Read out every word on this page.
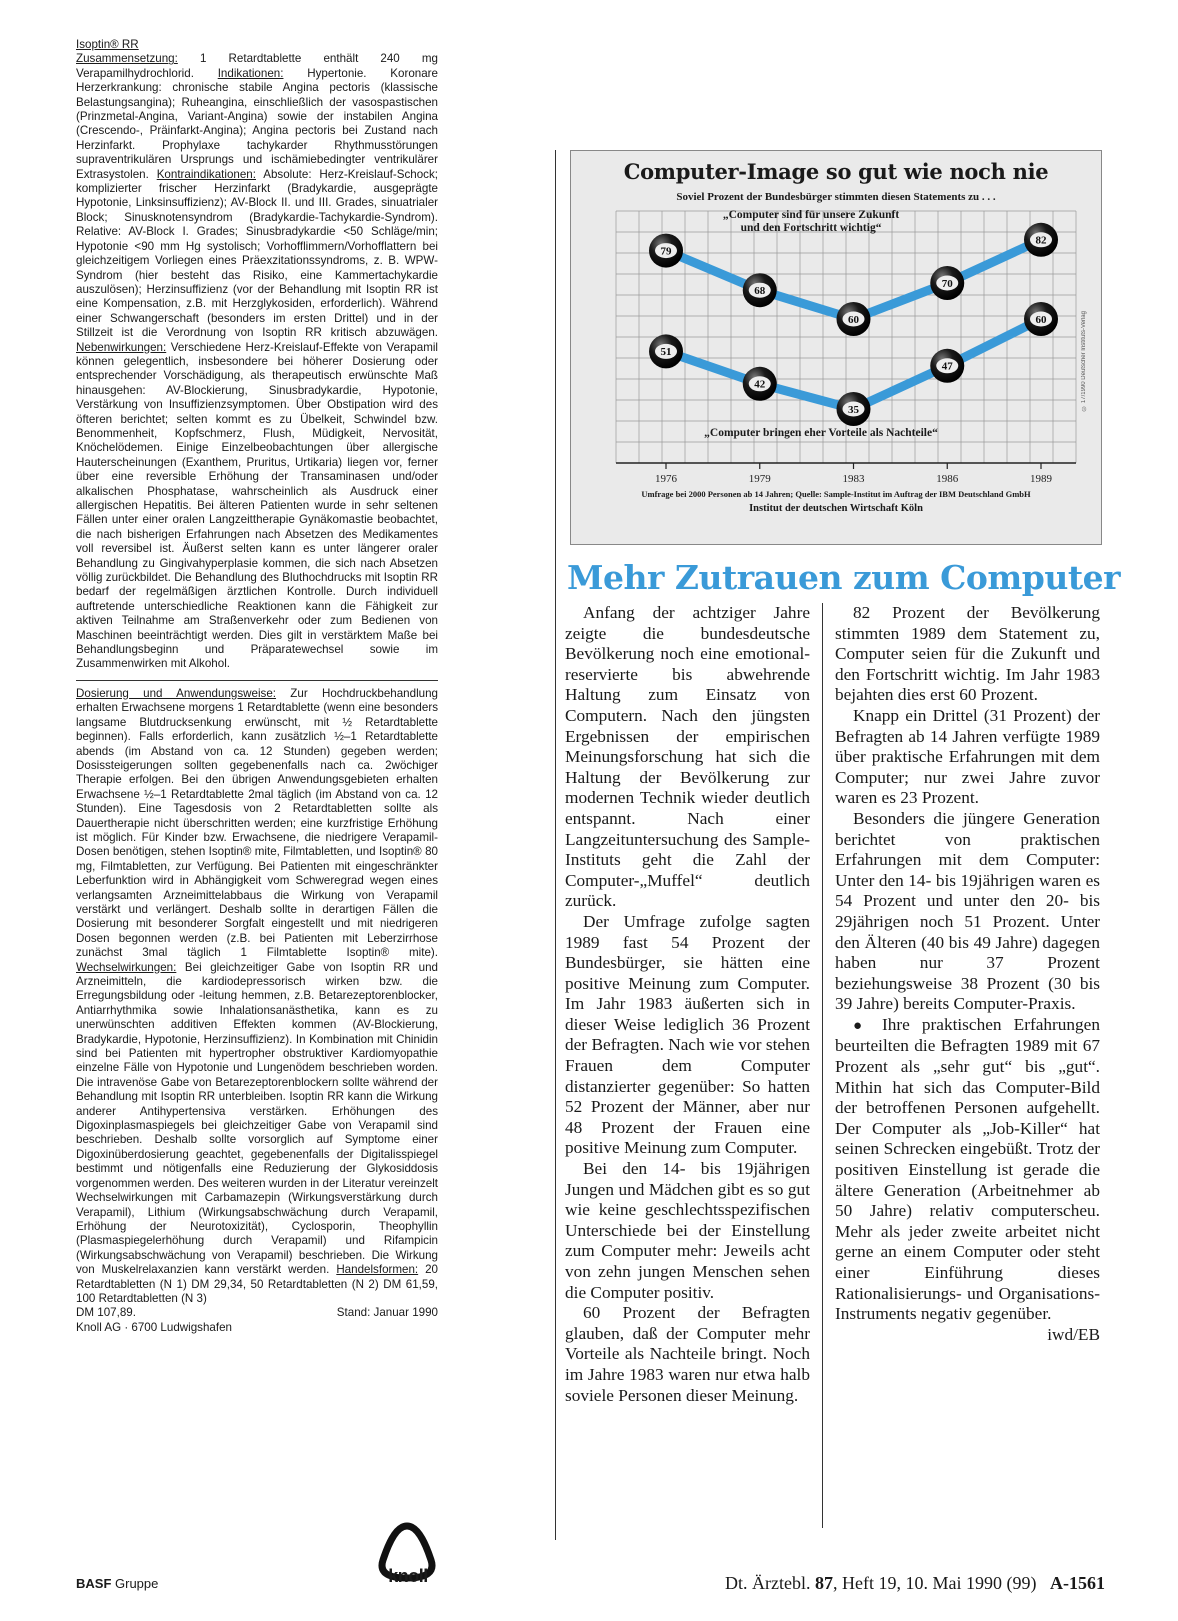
Isoptin® RR

Zusammensetzung: 1 Retardtablette enthält 240 mg Verapamilhydrochlorid. Indikationen: Hypertonie. Koronare Herzerkrankung: chronische stabile Angina pectoris (klassische Belastungsangina); Ruheangina, einschließlich der vasospastischen (Prinzmetal-Angina, Variant-Angina) sowie der instabilen Angina (Crescendo-, Präinfarkt-Angina); Angina pectoris bei Zustand nach Herzinfarkt. Prophylaxe tachykarder Rhythmusstörungen supraventrikulären Ursprungs und ischämiebedingter ventrikulärer Extrasystolen. Kontraindikationen: Absolute: Herz-Kreislauf-Schock; komplizierter frischer Herzinfarkt (Bradykardie, ausgeprägte Hypotonie, Linksinsuffizienz); AV-Block II. und III. Grades, sinuatrialer Block; Sinusknotensyndrom (Bradykardie-Tachykardie-Syndrom). Relative: AV-Block I. Grades; Sinusbradykardie <50 Schläge/min; Hypotonie <90 mm Hg systolisch; Vorhofflimmern/Vorhofflattern bei gleichzeitigem Vorliegen eines Präexzitationssyndroms, z. B. WPW-Syndrom (hier besteht das Risiko, eine Kammertachykardie auszulösen); Herzinsuffizienz (vor der Behandlung mit Isoptin RR ist eine Kompensation, z.B. mit Herzglykosiden, erforderlich). Während einer Schwangerschaft (besonders im ersten Drittel) und in der Stillzeit ist die Verordnung von Isoptin RR kritisch abzuwägen. Nebenwirkungen: Verschiedene Herz-Kreislauf-Effekte von Verapamil können gelegentlich, insbesondere bei höherer Dosierung oder entsprechender Vorschädigung, als therapeutisch erwünschte Maß hinausgehen: AV-Blockierung, Sinusbradykardie, Hypotonie, Verstärkung von Insuffizienzsymptomen. Über Obstipation wird des öfteren berichtet; selten kommt es zu Übelkeit, Schwindel bzw. Benommenheit, Kopfschmerz, Flush, Müdigkeit, Nervosität, Knöchelödemen. Einige Einzelbeobachtungen über allergische Hauterscheinungen (Exanthem, Pruritus, Urtikaria) liegen vor, ferner über eine reversible Erhöhung der Transaminasen und/oder alkalischen Phosphatase, wahrscheinlich als Ausdruck einer allergischen Hepatitis. Bei älteren Patienten wurde in sehr seltenen Fällen unter einer oralen Langzeittherapie Gynäkomastie beobachtet, die nach bisherigen Erfahrungen nach Absetzen des Medikamentes voll reversibel ist. Äußerst selten kann es unter längerer oraler Behandlung zu Gingivahyperplasie kommen, die sich nach Absetzen völlig zurückbildet. Die Behandlung des Bluthochdrucks mit Isoptin RR bedarf der regelmäßigen ärztlichen Kontrolle. Durch individuell auftretende unterschiedliche Reaktionen kann die Fähigkeit zur aktiven Teilnahme am Straßenverkehr oder zum Bedienen von Maschinen beeinträchtigt werden. Dies gilt in verstärktem Maße bei Behandlungsbeginn und Präparatewechsel sowie im Zusammenwirken mit Alkohol.

Dosierung und Anwendungsweise: Zur Hochdruckbehandlung erhalten Erwachsene morgens 1 Retardtablette (wenn eine besonders langsame Blutdrucksenkung erwünscht, mit ½ Retardtablette beginnen). Falls erforderlich, kann zusätzlich ½–1 Retardtablette abends (im Abstand von ca. 12 Stunden) gegeben werden; Dosissteigerungen sollten gegebenenfalls nach ca. 2wöchiger Therapie erfolgen. Bei den übrigen Anwendungsgebieten erhalten Erwachsene ½–1 Retardtablette 2mal täglich (im Abstand von ca. 12 Stunden). Eine Tagesdosis von 2 Retardtabletten sollte als Dauertherapie nicht überschritten werden; eine kurzfristige Erhöhung ist möglich. Für Kinder bzw. Erwachsene, die niedrigere Verapamil-Dosen benötigen, stehen Isoptin® mite, Filmtabletten, und Isoptin® 80 mg, Filmtabletten, zur Verfügung. Bei Patienten mit eingeschränkter Leberfunktion wird in Abhängigkeit vom Schweregrad wegen eines verlangsamten Arzneimittelabbaus die Wirkung von Verapamil verstärkt und verlängert. Deshalb sollte in derartigen Fällen die Dosierung mit besonderer Sorgfalt eingestellt und mit niedrigeren Dosen begonnen werden (z.B. bei Patienten mit Leberzirrhose zunächst 3mal täglich 1 Filmtablette Isoptin® mite). Wechselwirkungen: Bei gleichzeitiger Gabe von Isoptin RR und Arzneimitteln, die kardiodepressorisch wirken bzw. die Erregungsbildung oder -leitung hemmen, z.B. Betarezeptorenblocker, Antiarrhythmika sowie Inhalationsanästhetika, kann es zu unerwünschten additiven Effekten kommen (AV-Blockierung, Bradykardie, Hypotonie, Herzinsuffizienz). In Kombination mit Chinidin sind bei Patienten mit hypertropher obstruktiver Kardiomyopathie einzelne Fälle von Hypotonie und Lungenödem beschrieben worden. Die intravenöse Gabe von Betarezeptorenblockern sollte während der Behandlung mit Isoptin RR unterbleiben. Isoptin RR kann die Wirkung anderer Antihypertensiva verstärken. Erhöhungen des Digoxinplasmaspiegels bei gleichzeitiger Gabe von Verapamil sind beschrieben. Deshalb sollte vorsorglich auf Symptome einer Digoxinüberdosierung geachtet, gegebenenfalls der Digitalisspiegel bestimmt und nötigenfalls eine Reduzierung der Glykosiddosis vorgenommen werden. Des weiteren wurden in der Literatur vereinzelt Wechselwirkungen mit Carbamazepin (Wirkungsverstärkung durch Verapamil), Lithium (Wirkungsabschwächung durch Verapamil, Erhöhung der Neurotoxizität), Cyclosporin, Theophyllin (Plasmaspiegelerhöhung durch Verapamil) und Rifampicin (Wirkungsabschwächung von Verapamil) beschrieben. Die Wirkung von Muskelrelaxanzien kann verstärkt werden. Handelsformen: 20 Retardtabletten (N 1) DM 29,34, 50 Retardtabletten (N 2) DM 61,59, 100 Retardtabletten (N 3)

DM 107,89.	Stand: Januar 1990

Knoll AG · 6700 Ludwigshafen

1976	1979	1983	1986	1989
79
68
60
70
82
51
42
35
47
60
Computer-Image so gut wie noch nie
Soviel Prozent der Bundesbürger stimmten diesen Statements zu . . .
„Computer sind für unsere Zukunft
und den Fortschritt wichtig“
„Computer bringen eher Vorteile als Nachteile“
Umfrage bei 2000 Personen ab 14 Jahren; Quelle: Sample-Institut im Auftrag der IBM Deutschland GmbH
Institut der deutschen Wirtschaft Köln
© 17/1990 Deutscher Instituts-Verlag
Mehr Zutrauen zum Computer

Anfang der achtziger Jahre zeigte die bundesdeutsche Bevölkerung noch eine emotional-reservierte bis abwehrende Haltung zum Einsatz von Computern. Nach den jüngsten Ergebnissen der empirischen Meinungsforschung hat sich die Haltung der Bevölkerung zur modernen Technik wieder deutlich entspannt. Nach einer Langzeituntersuchung des Sample-Instituts geht die Zahl der Computer-„Muffel“ deutlich zurück.

Der Umfrage zufolge sagten 1989 fast 54 Prozent der Bundesbürger, sie hätten eine positive Meinung zum Computer. Im Jahr 1983 äußerten sich in dieser Weise lediglich 36 Prozent der Befragten. Nach wie vor stehen Frauen dem Computer distanzierter gegenüber: So hatten 52 Prozent der Männer, aber nur 48 Prozent der Frauen eine positive Meinung zum Computer.

Bei den 14- bis 19jährigen Jungen und Mädchen gibt es so gut wie keine geschlechtsspezifischen Unterschiede bei der Einstellung zum Computer mehr: Jeweils acht von zehn jungen Menschen sehen die Computer positiv.

60 Prozent der Befragten glauben, daß der Computer mehr Vorteile als Nachteile bringt. Noch im Jahre 1983 waren nur etwa halb soviele Personen dieser Meinung.

82 Prozent der Bevölkerung stimmten 1989 dem Statement zu, Computer seien für die Zukunft und den Fortschritt wichtig. Im Jahr 1983 bejahten dies erst 60 Prozent.

Knapp ein Drittel (31 Prozent) der Befragten ab 14 Jahren verfügte 1989 über praktische Erfahrungen mit dem Computer; nur zwei Jahre zuvor waren es 23 Prozent.

Besonders die jüngere Generation berichtet von praktischen Erfahrungen mit dem Computer: Unter den 14- bis 19jährigen waren es 54 Prozent und unter den 20- bis 29jährigen noch 51 Prozent. Unter den Älteren (40 bis 49 Jahre) dagegen haben nur 37 Prozent beziehungsweise 38 Prozent (30 bis 39 Jahre) bereits Computer-Praxis.

● Ihre praktischen Erfahrungen beurteilten die Befragten 1989 mit 67 Prozent als „sehr gut“ bis „gut“. Mithin hat sich das Computer-Bild der betroffenen Personen aufgehellt. Der Computer als „Job-Killer“ hat seinen Schrecken eingebüßt. Trotz der positiven Einstellung ist gerade die ältere Generation (Arbeitnehmer ab 50 Jahre) relativ computerscheu. Mehr als jeder zweite arbeitet nicht gerne an einem Computer oder steht einer Einführung dieses Rationalisierungs- und Organisations-Instruments negativ gegenüber.
iwd/EB

BASF Gruppe	knoll	Dt. Ärztebl. 87, Heft 19, 10. Mai 1990 (99) A-1561
